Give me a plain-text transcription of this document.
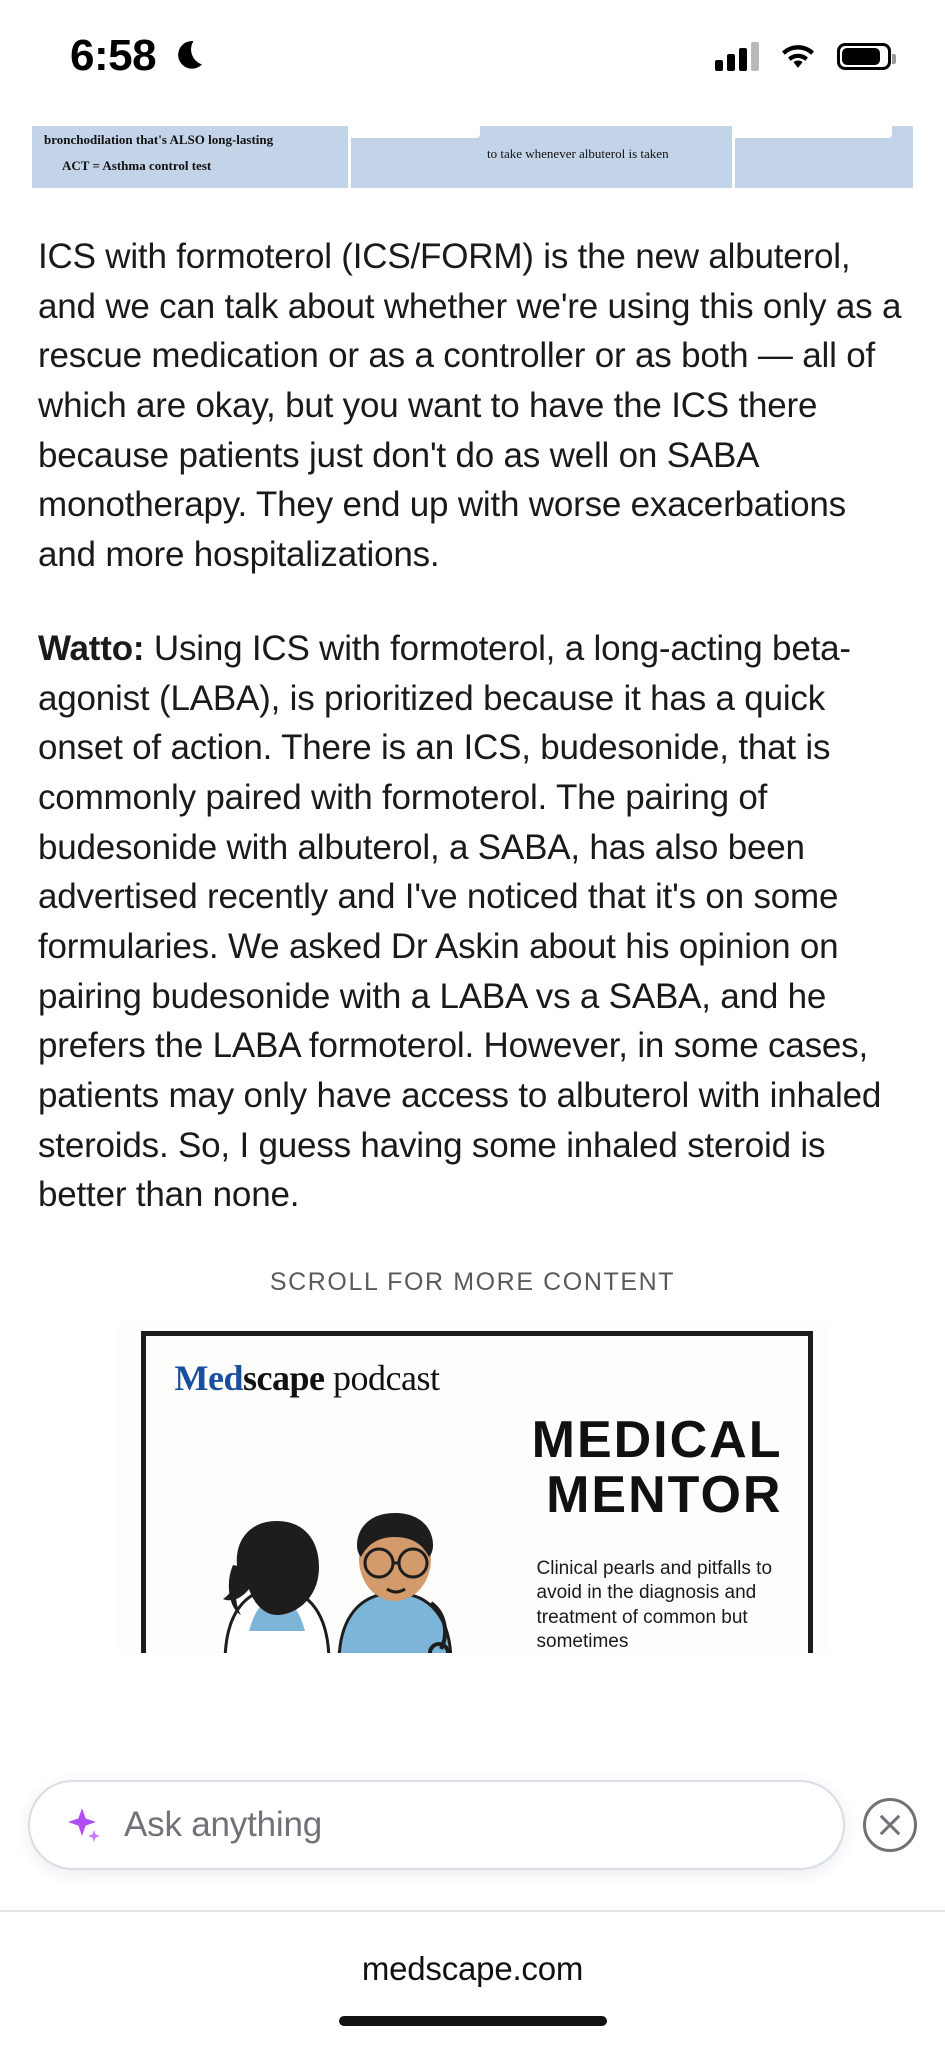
6:58
bronchodilation that's ALSO long-lasting
ACT = Asthma control test
to take whenever albuterol is taken

ICS with formoterol (ICS/FORM) is the new albuterol, and we can talk about whether we're using this only as a rescue medication or as a controller or as both — all of which are okay, but you want to have the ICS there because patients just don't do as well on SABA monotherapy. They end up with worse exacerbations and more hospitalizations.

Watto: Using ICS with formoterol, a long-acting beta-agonist (LABA), is prioritized because it has a quick onset of action. There is an ICS, budesonide, that is commonly paired with formoterol. The pairing of budesonide with albuterol, a SABA, has also been advertised recently and I've noticed that it's on some formularies. We asked Dr Askin about his opinion on pairing budesonide with a LABA vs a SABA, and he prefers the LABA formoterol. However, in some cases, patients may only have access to albuterol with inhaled steroids. So, I guess having some inhaled steroid is better than none.

SCROLL FOR MORE CONTENT
Medscape podcast
MEDICAL
MENTOR
Clinical pearls and pitfalls to avoid in the diagnosis and treatment of common but sometimes
Ask anything
medscape.com
